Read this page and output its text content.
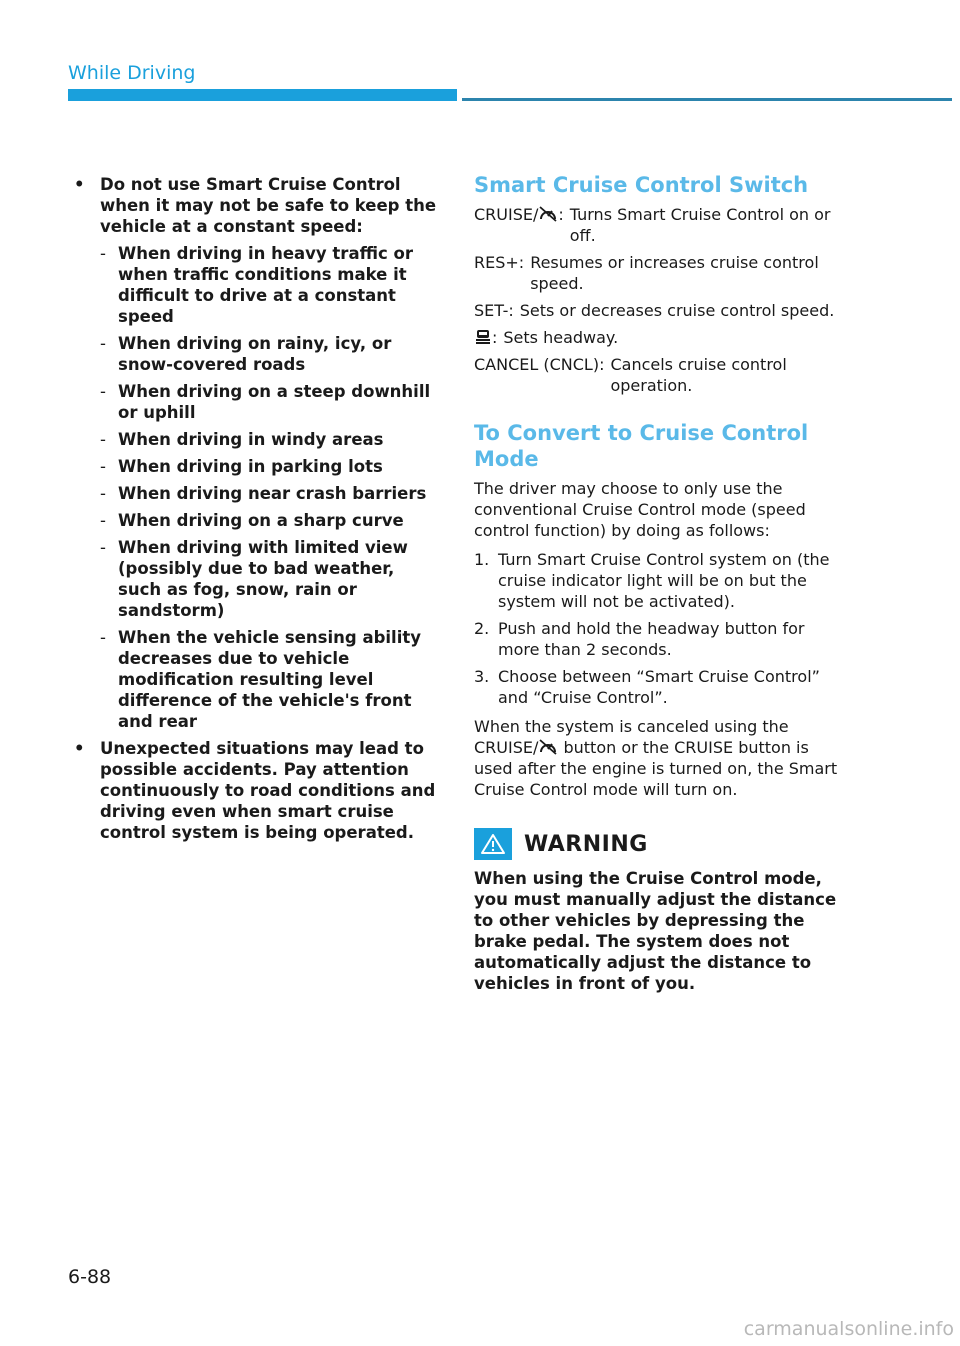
While Driving
• Do not use Smart Cruise Control when it may not be safe to keep the vehicle at a constant speed:
- When driving in heavy traffic or when traffic conditions make it difficult to drive at a constant speed
- When driving on rainy, icy, or snow-covered roads
- When driving on a steep downhill or uphill
- When driving in windy areas
- When driving in parking lots
- When driving near crash barriers
- When driving on a sharp curve
- When driving with limited view (possibly due to bad weather, such as fog, snow, rain or sandstorm)
- When the vehicle sensing ability decreases due to vehicle modification resulting level difference of the vehicle's front and rear
• Unexpected situations may lead to possible accidents. Pay attention continuously to road conditions and driving even when smart cruise control system is being operated.
Smart Cruise Control Switch
CRUISE/ : Turns Smart Cruise Control on or off.
RES+: Resumes or increases cruise control speed.
SET-: Sets or decreases cruise control speed.
: Sets headway.
CANCEL (CNCL): Cancels cruise control operation.
To Convert to Cruise Control Mode

The driver may choose to only use the conventional Cruise Control mode (speed control function) by doing as follows:

1. Turn Smart Cruise Control system on (the cruise indicator light will be on but the system will not be activated).
2. Push and hold the headway button for more than 2 seconds.
3. Choose between “Smart Cruise Control” and “Cruise Control”.

When the system is canceled using the CRUISE/ button or the CRUISE button is used after the engine is turned on, the Smart Cruise Control mode will turn on.

WARNING

When using the Cruise Control mode, you must manually adjust the distance to other vehicles by depressing the brake pedal. The system does not automatically adjust the distance to vehicles in front of you.

6-88
carmanualsonline.info
